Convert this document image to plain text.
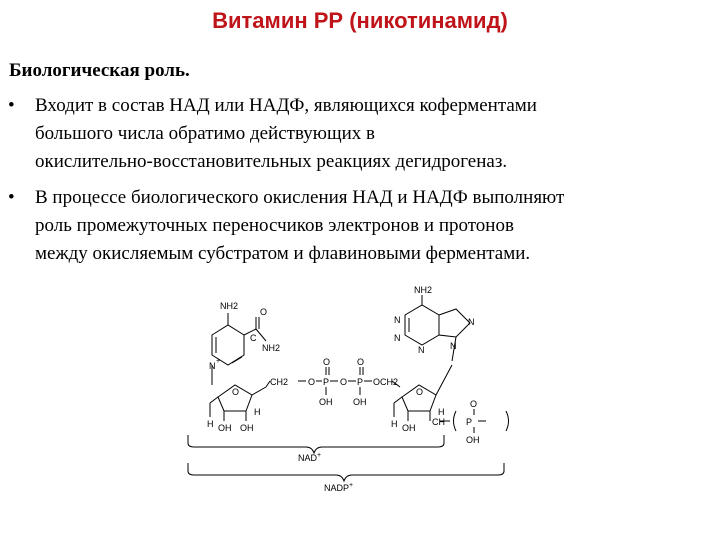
Витамин РР (никотинамид)
Биологическая роль.
• Входит в состав НАД или НАДФ, являющихся коферментами
большого числа обратимо действующих в
окислительно-восстановительных реакциях дегидрогеназ.
• В процессе биологического окисления НАД и НАДФ выполняют
роль промежуточных переносчиков электронов и протонов
между окисляемым субстратом и флавиновыми ферментами.
NH2
C
O
NH2
N +
CH2 O P O P O CH2
O	O
OH OH
O	O
H
H
H
H
OH OH	OH
CH
NH2
N
N
N
N
N
P
O
OH
NAD+
NADP+
